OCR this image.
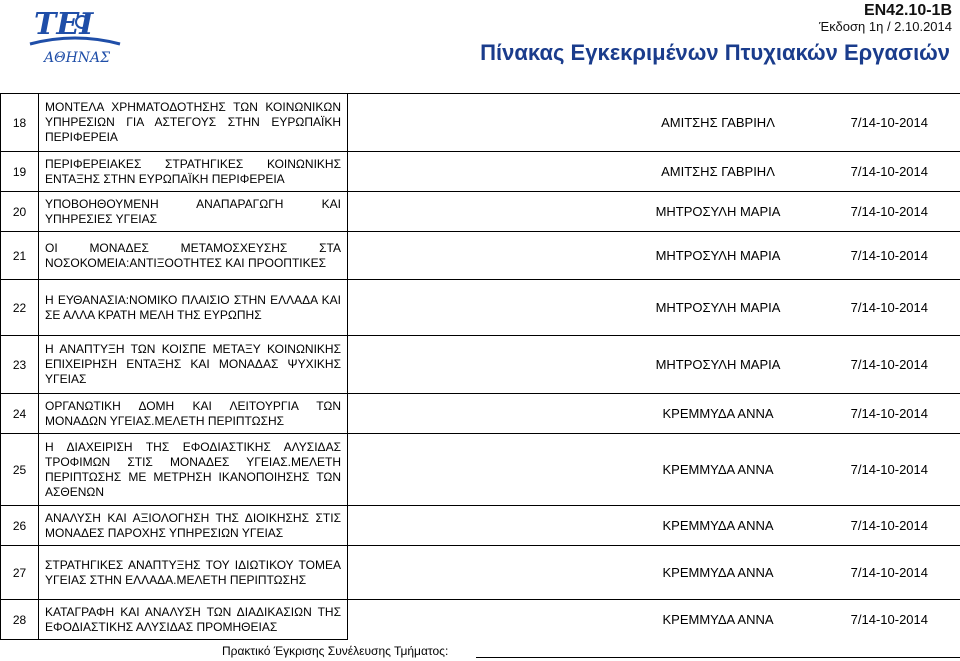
ΤΕΙ
ΑΘΗΝΑΣ
EN42.10-1B
Έκδοση 1η / 2.10.2014
Πίνακας Εγκεκριμένων Πτυχιακών Εργασιών
18	ΜΟΝΤΕΛΑ ΧΡΗΜΑΤΟΔΟΤΗΣΗΣ ΤΩΝ ΚΟΙΝΩΝΙΚΩΝ ΥΠΗΡΕΣΙΩΝ ΓΙΑ ΑΣΤΕΓΟΥΣ ΣΤΗΝ ΕΥΡΩΠΑΪΚΗ ΠΕΡΙΦΕΡΕΙΑ	ΑΜΙΤΣΗΣ ΓΑΒΡΙΗΛ 7/14-10-2014

19	ΠΕΡΙΦΕΡΕΙΑΚΕΣ ΣΤΡΑΤΗΓΙΚΕΣ ΚΟΙΝΩΝΙΚΗΣ ΕΝΤΑΞΗΣ ΣΤΗΝ ΕΥΡΩΠΑΪΚΗ ΠΕΡΙΦΕΡΕΙΑ	ΑΜΙΤΣΗΣ ΓΑΒΡΙΗΛ 7/14-10-2014

20	ΥΠΟΒΟΗΘΟΥΜΕΝΗ ΑΝΑΠΑΡΑΓΩΓΗ ΚΑΙ ΥΠΗΡΕΣΙΕΣ ΥΓΕΙΑΣ	ΜΗΤΡΟΣΥΛΗ ΜΑΡΙΑ 7/14-10-2014

21	ΟΙ ΜΟΝΑΔΕΣ ΜΕΤΑΜΟΣΧΕΥΣΗΣ ΣΤΑ ΝΟΣΟΚΟΜΕΙΑ:ΑΝΤΙΞΟΟΤΗΤΕΣ ΚΑΙ ΠΡΟΟΠΤΙΚΕΣ	ΜΗΤΡΟΣΥΛΗ ΜΑΡΙΑ 7/14-10-2014

22	Η ΕΥΘΑΝΑΣΙΑ:ΝΟΜΙΚΟ ΠΛΑΙΣΙΟ ΣΤΗΝ ΕΛΛΑΔΑ ΚΑΙ ΣΕ ΑΛΛΑ ΚΡΑΤΗ ΜΕΛΗ ΤΗΣ ΕΥΡΩΠΗΣ	ΜΗΤΡΟΣΥΛΗ ΜΑΡΙΑ 7/14-10-2014

23	Η ΑΝΑΠΤΥΞΗ ΤΩΝ ΚΟΙΣΠΕ ΜΕΤΑΞΥ ΚΟΙΝΩΝΙΚΗΣ ΕΠΙΧΕΙΡΗΣΗ ΕΝΤΑΞΗΣ ΚΑΙ ΜΟΝΑΔΑΣ ΨΥΧΙΚΗΣ ΥΓΕΙΑΣ	ΜΗΤΡΟΣΥΛΗ ΜΑΡΙΑ 7/14-10-2014

24	ΟΡΓΑΝΩΤΙΚΗ ΔΟΜΗ ΚΑΙ ΛΕΙΤΟΥΡΓΙΑ ΤΩΝ ΜΟΝΑΔΩΝ ΥΓΕΙΑΣ.ΜΕΛΕΤΗ ΠΕΡΙΠΤΩΣΗΣ	ΚΡΕΜΜΥΔΑ ΑΝΝΑ 7/14-10-2014

25	Η ΔΙΑΧΕΙΡΙΣΗ ΤΗΣ ΕΦΟΔΙΑΣΤΙΚΗΣ ΑΛΥΣΙΔΑΣ ΤΡΟΦΙΜΩΝ ΣΤΙΣ ΜΟΝΑΔΕΣ ΥΓΕΙΑΣ.ΜΕΛΕΤΗ ΠΕΡΙΠΤΩΣΗΣ ΜΕ ΜΕΤΡΗΣΗ ΙΚΑΝΟΠΟΙΗΣΗΣ ΤΩΝ ΑΣΘΕΝΩΝ	ΚΡΕΜΜΥΔΑ ΑΝΝΑ 7/14-10-2014

26	ΑΝΑΛΥΣΗ ΚΑΙ ΑΞΙΟΛΟΓΗΣΗ ΤΗΣ ΔΙΟΙΚΗΣΗΣ ΣΤΙΣ ΜΟΝΑΔΕΣ ΠΑΡΟΧΗΣ ΥΠΗΡΕΣΙΩΝ ΥΓΕΙΑΣ	ΚΡΕΜΜΥΔΑ ΑΝΝΑ 7/14-10-2014

27	ΣΤΡΑΤΗΓΙΚΕΣ ΑΝΑΠΤΥΞΗΣ ΤΟΥ ΙΔΙΩΤΙΚΟΥ ΤΟΜΕΑ ΥΓΕΙΑΣ ΣΤΗΝ ΕΛΛΑΔΑ.ΜΕΛΕΤΗ ΠΕΡΙΠΤΩΣΗΣ	ΚΡΕΜΜΥΔΑ ΑΝΝΑ 7/14-10-2014

28	ΚΑΤΑΓΡΑΦΗ ΚΑΙ ΑΝΑΛΥΣΗ ΤΩΝ ΔΙΑΔΙΚΑΣΙΩΝ ΤΗΣ ΕΦΟΔΙΑΣΤΙΚΗΣ ΑΛΥΣΙΔΑΣ ΠΡΟΜΗΘΕΙΑΣ	ΚΡΕΜΜΥΔΑ ΑΝΝΑ 7/14-10-2014
Πρακτικό Έγκρισης Συνέλευσης Τμήματος:
